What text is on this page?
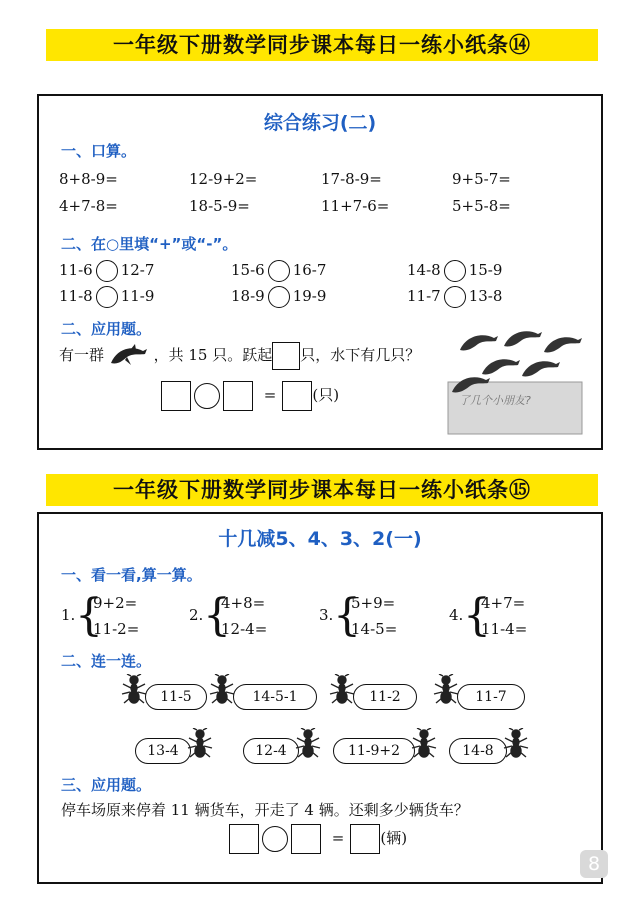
一年级下册数学同步课本每日一练小纸条⑭
综合练习(二)
一、口算。
8+8-9=	12-9+2=	17-8-9=	9+5-7=
4+7-8=	18-5-9=	11+7-6=	5+5-8=
二、在○里填“+”或“-”。
11-6 12-7	15-6 16-7	14-8 15-9
11-8 11-9	18-9 19-9	11-7 13-8
二、应用题。
有一群	，共 15 只。跃起 只，水下有几只？
= (只)	了几个小朋友?
一年级下册数学同步课本每日一练小纸条⑮
十几减5、4、3、2(一)
一、看一看,算一算。
1. {
9+2=
11-2=
2. {
4+8=
12-4=
3. {
5+9=
14-5=
4. {
4+7=
11-4=
二、连一连。
11-5	14-5-1	11-2	11-7
13-4	12-4	11-9+2	14-8
三、应用题。
停车场原来停着 11 辆货车，开走了 4 辆。还剩多少辆货车？
= (辆)
8
